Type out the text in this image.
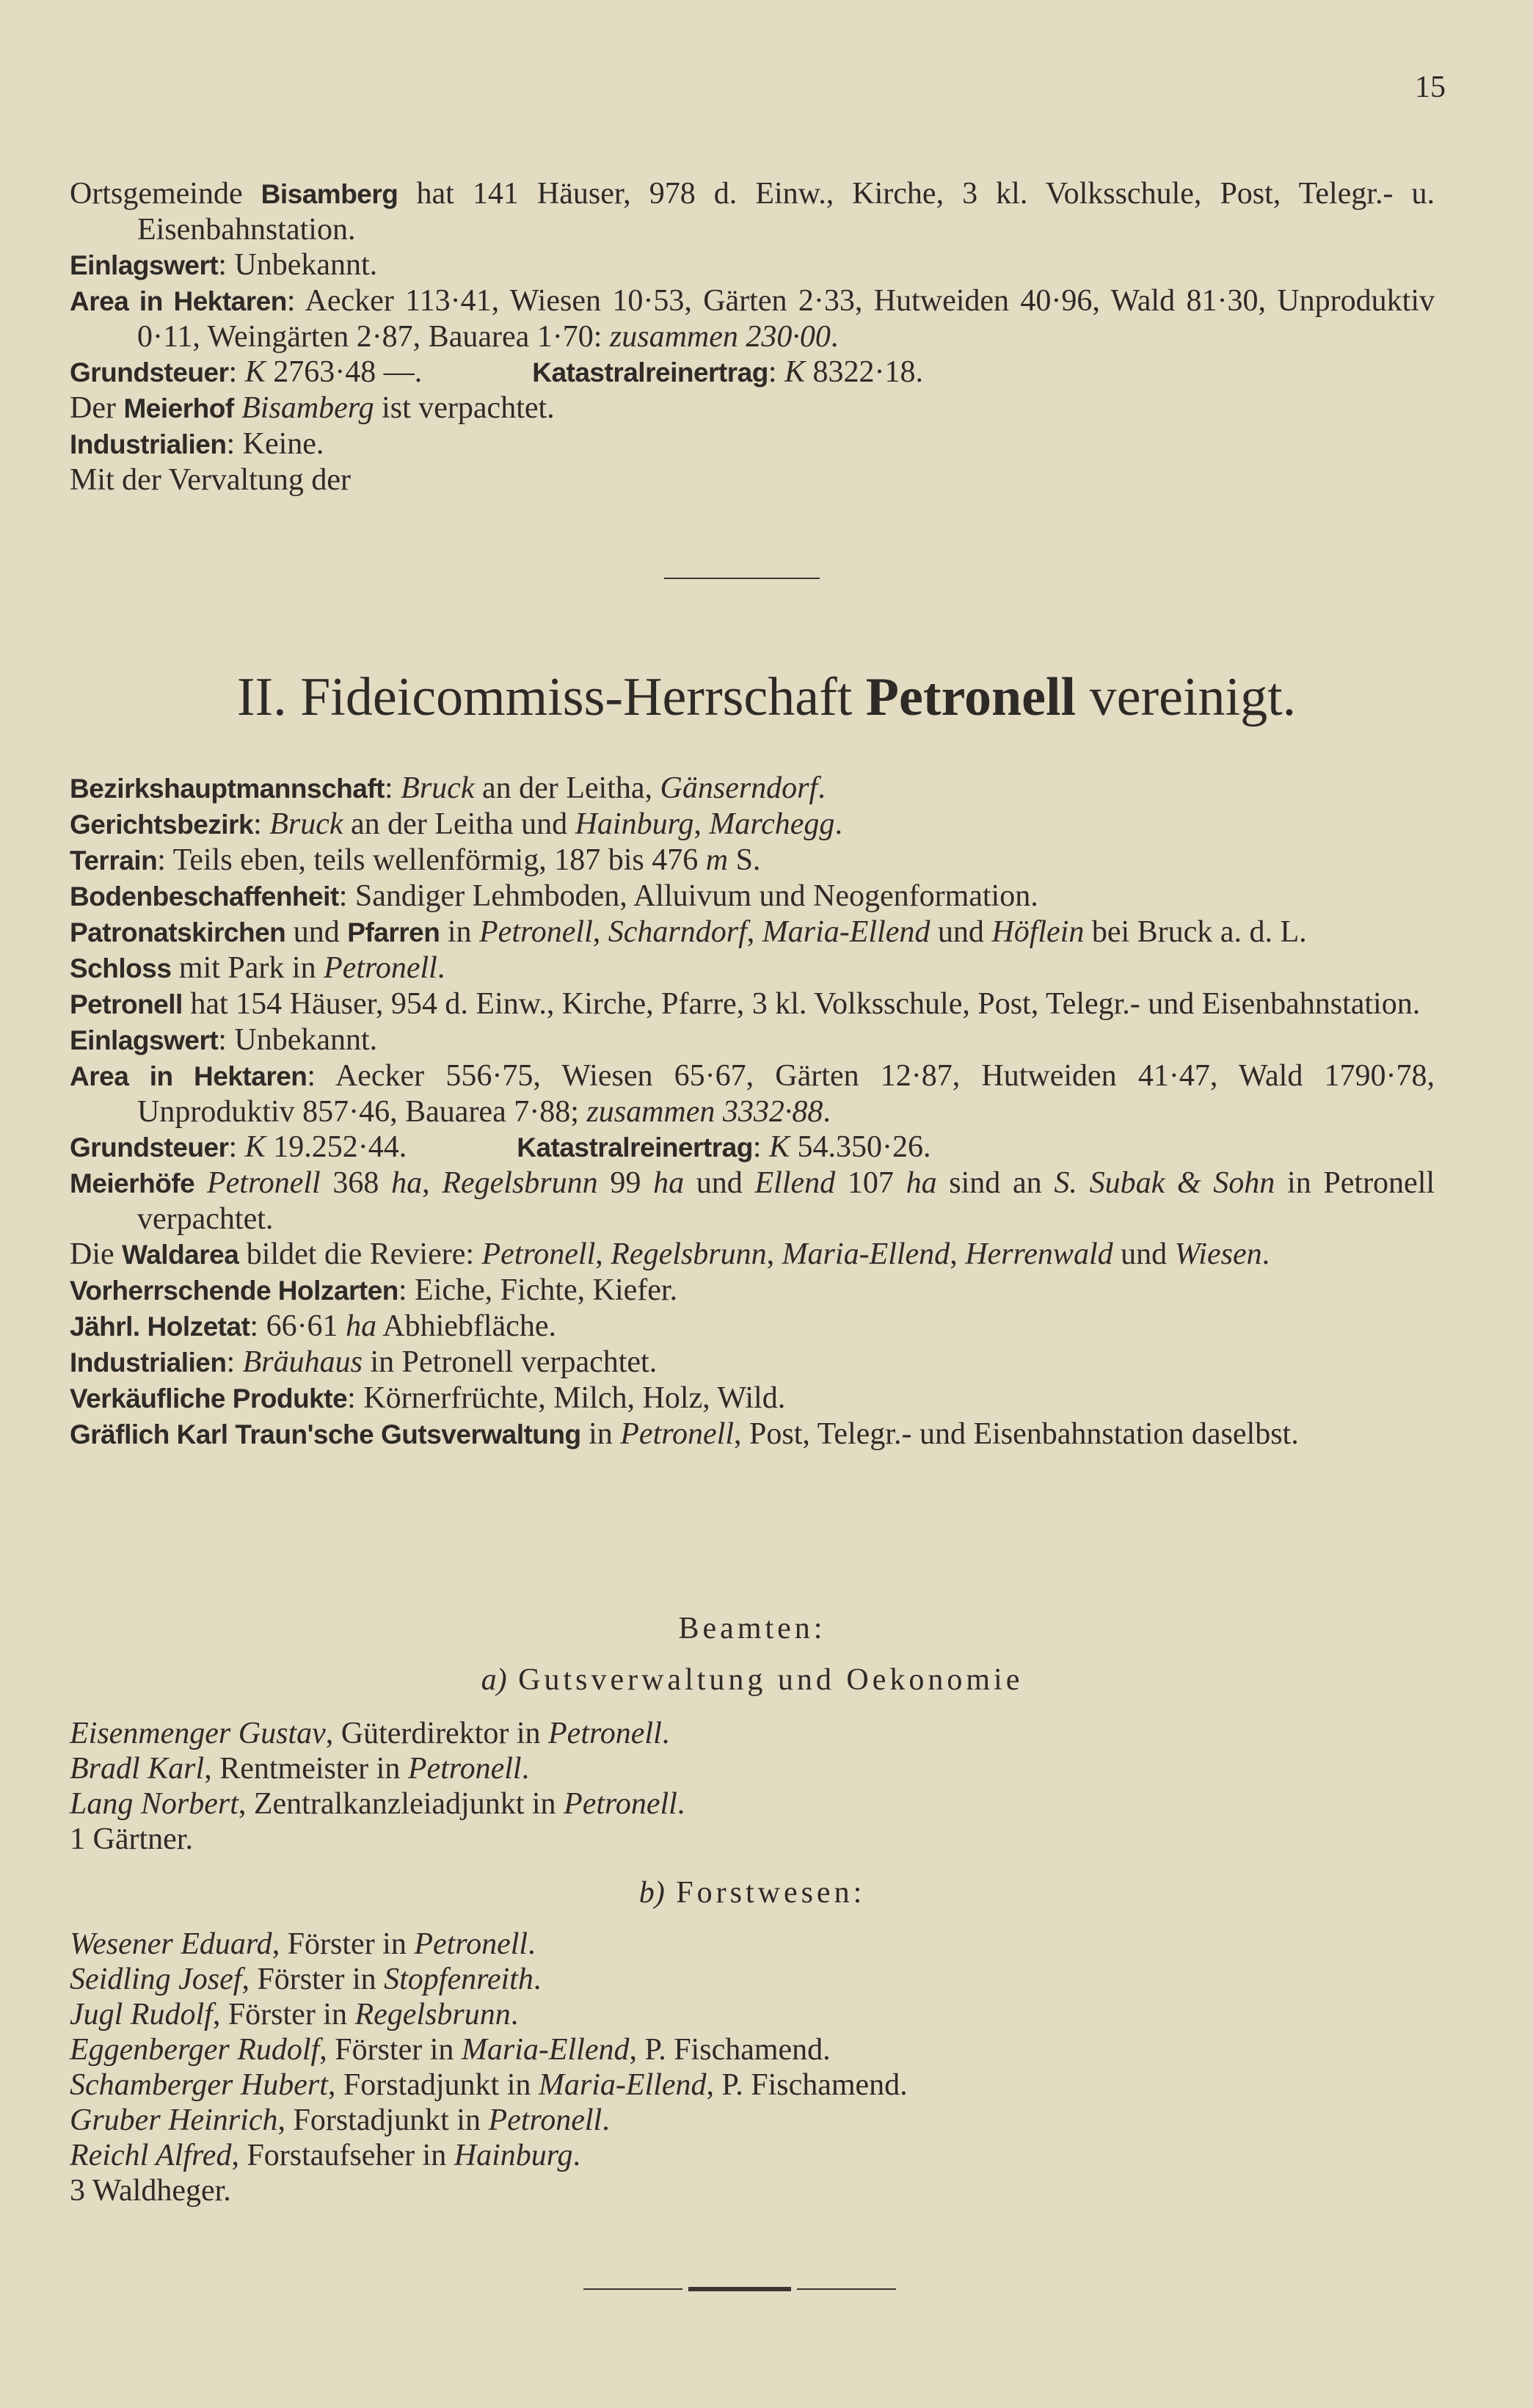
15

Ortsgemeinde Bisamberg hat 141 Häuser, 978 d. Einw., Kirche, 3 kl. Volksschule, Post, Telegr.- u. Eisenbahnstation.

Einlagswert: Unbekannt.

Area in Hektaren: Aecker 113·41, Wiesen 10·53, Gärten 2·33, Hutweiden 40·96, Wald 81·30, Unproduktiv 0·11, Weingärten 2·87, Bauarea 1·70: zusammen 230·00.

Grundsteuer: K 2763·48 —.	Katastralreinertrag: K 8322·18.

Der Meierhof Bisamberg ist verpachtet.

Industrialien: Keine.

Mit der Vervaltung der

II. Fideicommiss-Herrschaft Petronell vereinigt.

Bezirkshauptmannschaft: Bruck an der Leitha, Gänserndorf.

Gerichtsbezirk: Bruck an der Leitha und Hainburg, Marchegg.

Terrain: Teils eben, teils wellenförmig, 187 bis 476 m S.

Bodenbeschaffenheit: Sandiger Lehmboden, Alluivum und Neogenformation.

Patronatskirchen und Pfarren in Petronell, Scharndorf, Maria-Ellend und Höflein bei Bruck a. d. L.

Schloss mit Park in Petronell.

Petronell hat 154 Häuser, 954 d. Einw., Kirche, Pfarre, 3 kl. Volksschule, Post, Telegr.- und Eisenbahnstation.

Einlagswert: Unbekannt.

Area in Hektaren: Aecker 556·75, Wiesen 65·67, Gärten 12·87, Hutweiden 41·47, Wald 1790·78, Unproduktiv 857·46, Bauarea 7·88; zusammen 3332·88.

Grundsteuer: K 19.252·44.	Katastralreinertrag: K 54.350·26.

Meierhöfe Petronell 368 ha, Regelsbrunn 99 ha und Ellend 107 ha sind an S. Subak & Sohn in Petronell verpachtet.

Die Waldarea bildet die Reviere: Petronell, Regelsbrunn, Maria-Ellend, Herrenwald und Wiesen.

Vorherrschende Holzarten: Eiche, Fichte, Kiefer.

Jährl. Holzetat: 66·61 ha Abhiebfläche.

Industrialien: Bräuhaus in Petronell verpachtet.

Verkäufliche Produkte: Körnerfrüchte, Milch, Holz, Wild.

Gräflich Karl Traun'sche Gutsverwaltung in Petronell, Post, Telegr.- und Eisenbahnstation daselbst.

Beamten:
a) Gutsverwaltung und Oekonomie

Eisenmenger Gustav, Güterdirektor in Petronell.

Bradl Karl, Rentmeister in Petronell.

Lang Norbert, Zentralkanzleiadjunkt in Petronell.

1 Gärtner.

b) Forstwesen:

Wesener Eduard, Förster in Petronell.

Seidling Josef, Förster in Stopfenreith.

Jugl Rudolf, Förster in Regelsbrunn.

Eggenberger Rudolf, Förster in Maria-Ellend, P. Fischamend.

Schamberger Hubert, Forstadjunkt in Maria-Ellend, P. Fischamend.

Gruber Heinrich, Forstadjunkt in Petronell.

Reichl Alfred, Forstaufseher in Hainburg.

3 Waldheger.
